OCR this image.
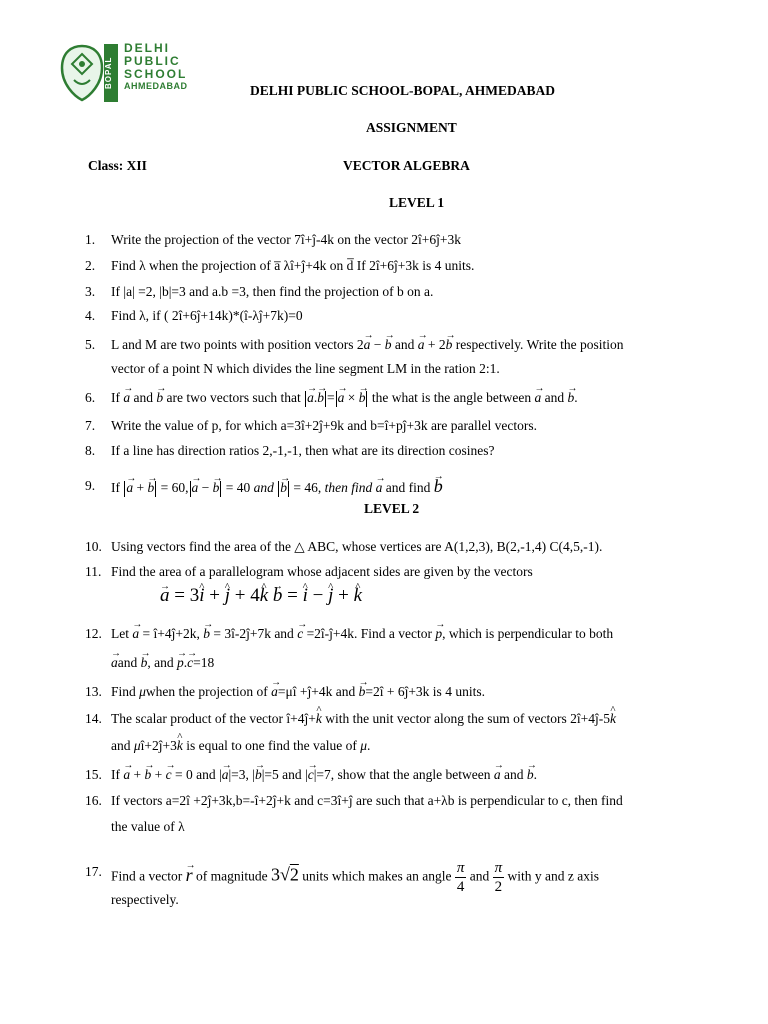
BOPAL
DELHI
PUBLIC
SCHOOL
AHMEDABAD	DELHI PUBLIC SCHOOL-BOPAL, AHMEDABAD
ASSIGNMENT
Class: XII	VECTOR ALGEBRA
LEVEL 1
1. Write the projection of the vector 7î+ĵ-4k on the vector 2î+6ĵ+3k
2. Find λ when the projection of a̅ λî+ĵ+4k on d̅ If 2î+6ĵ+3k is 4 units.
3. If |a| =2, |b|=3 and a.b =3, then find the projection of b on a.
4. Find λ, if ( 2î+6ĵ+14k)*(î-λĵ+7k)=0
5. L and M are two points with position vectors 2→ a − → b and → a + 2→ b respectively. Write the position
vector of a point N which divides the line segment LM in the ration 2:1.
6. If → a and → b are two vectors such that → a.→ b = → a × → b the what is the angle between → a and → b.
7. Write the value of p, for which a=3î+2ĵ+9k and b=î+pĵ+3k are parallel vectors.
8. If a line has direction ratios 2,-1,-1, then what are its direction cosines?
9. If → a + → b = 60, → a − → b = 40 and → b = 46, then find → a and find → b
LEVEL 2
10. Using vectors find the area of the △ ABC, whose vertices are A(1,2,3), B(2,-1,4) C(4,5,-1).
11. Find the area of a parallelogram whose adjacent sides are given by the vectors
→ a = 3^ i + ^ j + 4^ k → b = ^ i − ^ j + ^ k
12. Let → a = î+4ĵ+2k, → b = 3î-2ĵ+7k and → c =2î-ĵ+4k. Find a vector → p, which is perpendicular to both
→ aand → b, and → p.→ c=18
13. Find μwhen the projection of → a=μî +ĵ+4k and → b=2î + 6ĵ+3k is 4 units.
14. The scalar product of the vector î+4ĵ+^ k with the unit vector along the sum of vectors 2î+4ĵ-5^ k
and μî+2ĵ+3^ k is equal to one find the value of μ.
15. If → a + → b + → c = 0 and |→ a|=3, |→ b|=5 and |→ c|=7, show that the angle between → a and → b.
16. If vectors a=2î +2ĵ+3k,b=-î+2ĵ+k and c=3î+ĵ are such that a+λb is perpendicular to c, then find
the value of λ
17. Find a vector → r of magnitude 3√2 units which makes an angle $\frac{\pi}{4}$ and $\frac{\pi}{2}$ with y and z axis
respectively.
